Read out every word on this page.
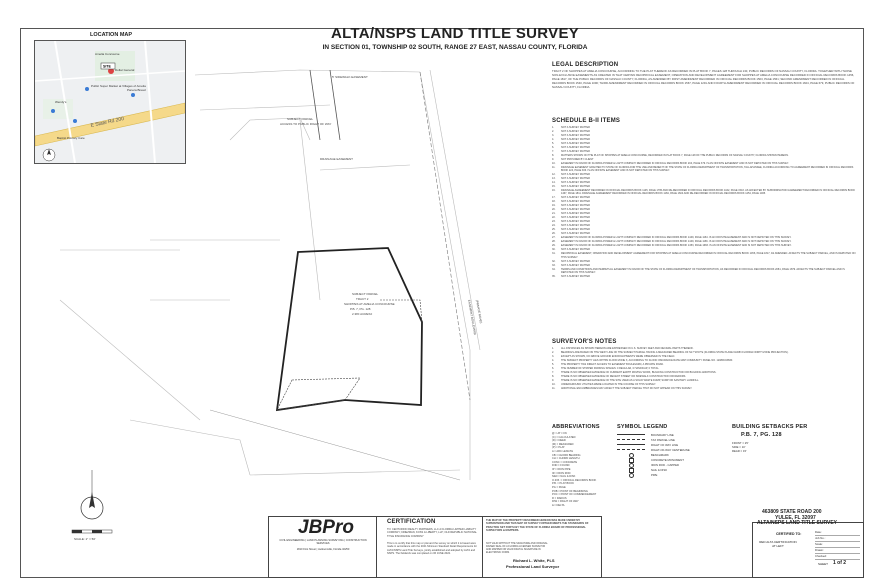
ALTA/NSPS LAND TITLE SURVEY
IN SECTION 01, TOWNSHIP 02 SOUTH, RANGE 27 EAST, NASSAU COUNTY, FLORIDA
LOCATION MAP
E State Rd 200
Dollar General
Public Super Market at Villages of Amelia
Wendy's
Panera Bread
Baptist Primary Care
Amelia Concourse
SITE
SUBJECT PARCEL
ACCESS TO PUBLIC RIGHT OF WAY
SUBJECT PARCEL
TRACT 2
SHOPPES AT AMELIA CONCOURSE
P.B. 7, PG. 128
2.38± ACRES±
5' SIDEWALK EASEMENT
DRAINAGE EASEMENT
EASEMENT BOULEVARD
(PRIVATE ROAD)
SCALE: 1" = 50'
LEGAL DESCRIPTION
TRACT 2 OF SHOPPES AT AMELIA CONCOURSE, ACCORDING TO THE PLAT THEREOF AS RECORDED IN PLAT BOOK 7, PAGES 128 THROUGH 130, PUBLIC RECORDS OF NASSAU COUNTY, FLORIDA. TOGETHER WITH THOSE NON-EXCLUSIVE EASEMENTS AS CREATED IN THAT CERTAIN RECIPROCAL EASEMENT, OPERATION AND DEVELOPMENT AGREEMENT FOR SHOPPES AT AMELIA CONCOURSE RECORDED IN OFFICIAL RECORDS BOOK 1456, PAGE 1817, OF THE PUBLIC RECORDS OF NASSAU COUNTY, FLORIDA, AS AMENDED BY FIRST AMENDMENT RECORDED IN OFFICIAL RECORDS BOOK 1503, PAGE 1561; SECOND AMENDMENT RECORDED IN OFFICIAL RECORDS BOOK 1540, PAGE 1090; THIRD AMENDMENT RECORDED IN OFFICIAL RECORDS BOOK 1567, PAGE 1291 AND FOURTH AMENDMENT RECORDED IN OFFICIAL RECORDS BOOK 1604, PAGE 679, PUBLIC RECORDS OF NASSAU COUNTY, FLORIDA.
SCHEDULE B-II ITEMS
1.	NOT A SURVEY MATTER
2.	NOT A SURVEY MATTER
3.	NOT A SURVEY MATTER
4.	NOT A SURVEY MATTER
5.	NOT A SURVEY MATTER
6.	NOT A SURVEY MATTER
7.	NOT A SURVEY MATTER
8.	MATTERS SHOWN ON THE PLAT OF SHOPPES AT AMELIA CONCOURSE, RECORDED IN PLAT BOOK 7, PAGE 128 OF THE PUBLIC RECORDS OF NASSAU COUNTY, FLORIDA SHOWN HEREON.
9.	NOT PROVIDED BY CLIENT
10.	EASEMENT IN FAVOR OF FLORIDA POWER & LIGHT COMPANY RECORDED IN OFFICIAL RECORDS BOOK 204, PAGE 379. IS AN OFFSITE EASEMENT AND IS NOT DEPICTED ON THIS SURVEY.
11.	DRAINAGE EASEMENT GRANTED TO STATE OF FLORIDA FOR THE USE AND BENEFIT OF THE STATE OF FLORIDA DEPARTMENT OF TRANSPORTATION, TALLAHASSEE, FLORIDA ACCORDING TO AGREEMENT RECORDED IN OFFICIAL RECORDS BOOK 224, PAGE 306. IS AN OFFSITE EASEMENT AND IS NOT DEPICTED ON THIS SURVEY.
12.	NOT A SURVEY MATTER
13.	NOT A SURVEY MATTER
14.	NOT A SURVEY MATTER
15.	NOT A SURVEY MATTER
16.	DRAINAGE AGREEMENT RECORDED IN OFFICIAL RECORDS BOOK 1145, PAGE 1795 AND RE-RECORDED IN OFFICIAL RECORDS BOOK 1162, PAGE 1543. AS AFFECTED BY SUBORDINATION AGREEMENT RECORDED IN OFFICIAL RECORDS BOOK 1467, PAGE 1811. DRAINAGE AGREEMENT RECORDED IN OFFICIAL RECORDS BOOK 1184, PAGE 1604 AND RE-RECORDED IN OFFICIAL RECORDS BOOK 1254, PAGE 1465.
17.	NOT A SURVEY MATTER
18.	NOT A SURVEY MATTER
19.	NOT A SURVEY MATTER
20.	NOT A SURVEY MATTER
21.	NOT A SURVEY MATTER
22.	NOT A SURVEY MATTER
23.	NOT A SURVEY MATTER
24.	NOT A SURVEY MATTER
25.	NOT A SURVEY MATTER
26.	NOT A SURVEY MATTER
27.	EASEMENT IN FAVOR OF FLORIDA POWER & LIGHT COMPANY RECORDED IN OFFICIAL RECORDS BOOK 1449, PAGE 1164. IS AN OFFSITE EASEMENT AND IS NOT DEPICTED ON THIS SURVEY.
28.	EASEMENT IN FAVOR OF FLORIDA POWER & LIGHT COMPANY RECORDED IN OFFICIAL RECORDS BOOK 1449, PAGE 1166. IS AN OFFSITE EASEMENT AND IS NOT DEPICTED ON THIS SURVEY.
29.	EASEMENT IN FAVOR OF FLORIDA POWER & LIGHT COMPANY RECORDED IN OFFICIAL RECORDS BOOK 1453, PAGE 1683. IS AN OFFSITE EASEMENT AND IS NOT DEPICTED ON THIS SURVEY.
30.	NOT A SURVEY MATTER
31.	RECIPROCAL EASEMENT, OPERATION AND DEVELOPMENT AGREEMENT FOR SHOPPES AT AMELIA CONCOURSE RECORDED IN OFFICIAL RECORDS BOOK 1456, PAGE 1817, AS AMENDED. AFFECTS THE SUBJECT PARCEL, AND IS DEPICTED ON THIS SURVEY.
32.	NOT A SURVEY MATTER
33.	NOT A SURVEY MATTER
34.	TERMS AND CONDITIONS AND PERPETUAL EASEMENT IN FAVOR OF THE STATE OF FLORIDA DEPARTMENT OF TRANSPORTATION, AS RECORDED IN OFFICIAL RECORDS BOOK 2081, PAGE 1879. AFFECTS THE SUBJECT PARCEL AND IS DEPICTED ON THIS SURVEY.
35.	NOT A SURVEY MATTER
SURVEYOR'S NOTES
1.	ALL DISTANCES AS SHOWN HEREON ARE EXPRESSED IN U.S. SURVEY FEET AND DECIMAL PARTS THEREOF.
2.	BEARINGS ARE BASED ON THE WEST LINE OF THE SUBJECT PARCEL HAVING A MEASURED BEARING OF N17°19'07"E (FLORIDA STATE PLANE NAD83 FLORIDA NORTH ZONE PROJECTION).
3.	EXCEPT AS SHOWN, NO ABOVE GROUND ENCROACHMENTS WERE OBSERVED IN THE FIELD.
4.	THE SUBJECT PROPERTY LIES WITHIN FLOOD ZONE X, ACCORDING TO FLOOD INSURANCE RATE MAP COMMUNITY PANEL NO. 12089C0383F.
5.	THE PROPERTY HAS DIRECT ACCESS TO EASEMENT BOULEVARD, A PRIVATE ROAD.
6.	THE NUMBER OF STRIPED PARKING SPACES: 0 REGULAR, 0 HANDICAP, 0 TOTAL.
7.	THERE IS NO OBSERVED EVIDENCE OF CURRENT EARTH MOVING WORK, BUILDING CONSTRUCTION OR BUILDING ADDITIONS.
8.	THERE IS NO OBSERVED EVIDENCE OF RECENT STREET OR SIDEWALK CONSTRUCTION OR REPAIRS.
9.	THERE IS NO OBSERVED EVIDENCE OF THE SITE USED AS A SOLID WASTE DUMP, SUMP OR SANITARY LANDFILL.
10.	UNDERGROUND UTILITIES WERE LOCATED IN THE COURSE OF THIS SURVEY.
11.	ADDITIONAL ENCUMBRANCES MAY AFFECT THE SUBJECT PARCEL THAT DO NOT APPEAR ON THIS SURVEY.
ABBREVIATIONS
@ = AT / ON
(C) = CALCULATED
(D) = DEED
(M) = MEASURED
(P) = PLAT
A = ARC LENGTH
CB = CHORD BEARING
CH = CHORD LENGTH
CONC = CONCRETE
FND = FOUND
IP = IRON PIPE
IR = IRON ROD
N&D = NAIL & DISK
O.R.B. = OFFICIAL RECORDS BOOK
P.B. = PLAT BOOK
PG = PAGE
POB = POINT OF BEGINNING
POC = POINT OF COMMENCEMENT
R = RADIUS
R/W = RIGHT OF WAY
Δ = DELTA
SYMBOL LEGEND
BOUNDARY LINE
TAX PARCEL LINE
RIGHT OF WAY LINE
RIGHT-OF-WAY CENTERLINE
BENCHMARK
CONCRETE MONUMENT
IRON ROD - CAPPED
NAIL & DISK
PIPE
BUILDING SETBACKS PER
P.B. 7, PG. 128
FRONT = 25'
SIDE = 10'
REAR = 15'
463809 STATE ROAD 200
YULEE, FL 32097
JBPro
CIVIL ENGINEERING | LAND PLANNING SURVEYING | CONSTRUCTION SERVICES
1810 First Street | Jacksonville, Florida 32250
CERTIFICATION
TO: CENTURION REALTY PARTNERS, LLC A FLORIDA LIMITED LIABILITY COMPANY; KRIEZMAN, KOSS & LIBERTY, LLP; OLD REPUBLIC NATIONAL TITLE INSURANCE COMPANY
This is to certify that this map or plat and the survey on which it is based were made in accordance with the 2021 Minimum Standard Detail Requirements for ALTA/NSPS Land Title Surveys, jointly established and adopted by ALTA and NSPS. The fieldwork was completed on 06 JUNE 2022.
THE MAP OF THE PROPERTY DESCRIBED HEREON WAS MADE UNDER MY SUPERVISION AND THIS MAP OF SURVEY FURTHER MEETS THE STANDARDS OF PRACTICE SET FORTH BY THE STATE OF FLORIDA BOARD OF PROFESSIONAL SURVEYORS & MAPPERS.
NOT VALID WITHOUT THE SIGNATURE AND ORIGINAL RAISED SEAL OF A FLORIDA LICENSED SURVEYOR AND MAPPER OR VALID DIGITAL SIGNATURE IN ELECTRONIC FORM.
Richard L. White, PLS
Professional Land Surveyor
ALTA/NSPS LAND TITLE SURVEY
CERTIFIED TO:
RED ALTA CERTIFICATION AT LEFT
Date:
Job No.:
Scale:
Drawn:
Checked:
SHEET 1 of 2
